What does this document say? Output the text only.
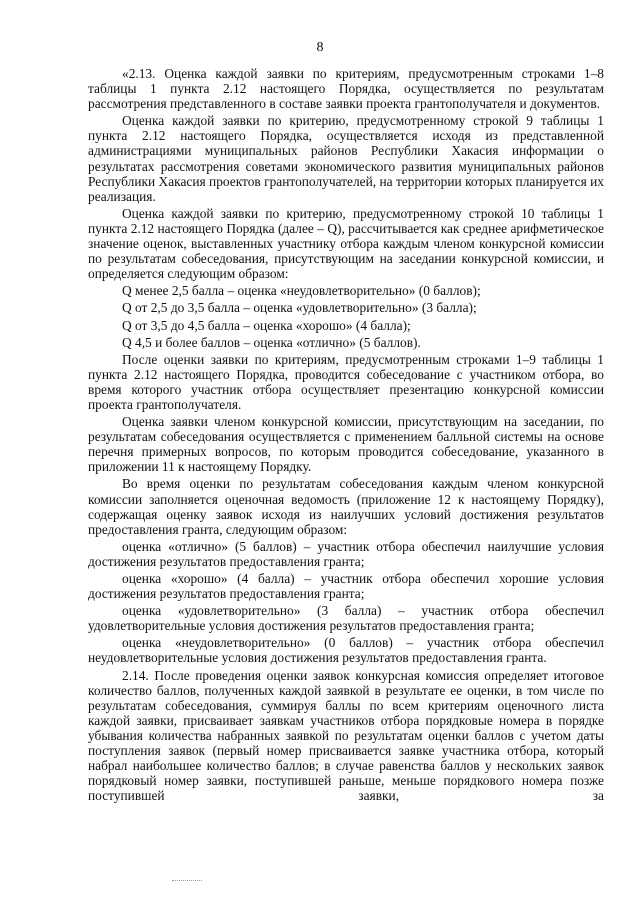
8

«2.13. Оценка каждой заявки по критериям, предусмотренным строками 1–8 таблицы 1 пункта 2.12 настоящего Порядка, осуществляется по результатам рассмотрения представленного в составе заявки проекта грантополучателя и документов.

Оценка каждой заявки по критерию, предусмотренному строкой 9 таблицы 1 пункта 2.12 настоящего Порядка, осуществляется исходя из представленной администрациями муниципальных районов Республики Хакасия информации о результатах рассмотрения советами экономического развития муниципальных районов Республики Хакасия проектов грантополучателей, на территории которых планируется их реализация.

Оценка каждой заявки по критерию, предусмотренному строкой 10 таблицы 1 пункта 2.12 настоящего Порядка (далее – Q), рассчитывается как среднее арифметическое значение оценок, выставленных участнику отбора каждым членом конкурсной комиссии по результатам собеседования, присутствующим на заседании конкурсной комиссии, и определяется следующим образом:

Q менее 2,5 балла – оценка «неудовлетворительно» (0 баллов);

Q от 2,5 до 3,5 балла – оценка «удовлетворительно» (3 балла);

Q от 3,5 до 4,5 балла – оценка «хорошо» (4 балла);

Q 4,5 и более баллов – оценка «отлично» (5 баллов).

После оценки заявки по критериям, предусмотренным строками 1–9 таблицы 1 пункта 2.12 настоящего Порядка, проводится собеседование с участником отбора, во время которого участник отбора осуществляет презентацию конкурсной комиссии проекта грантополучателя.

Оценка заявки членом конкурсной комиссии, присутствующим на заседании, по результатам собеседования осуществляется с применением балльной системы на основе перечня примерных вопросов, по которым проводится собеседование, указанного в приложении 11 к настоящему Порядку.

Во время оценки по результатам собеседования каждым членом конкурсной комиссии заполняется оценочная ведомость (приложение 12 к настоящему Порядку), содержащая оценку заявок исходя из наилучших условий достижения результатов предоставления гранта, следующим образом:

оценка «отлично» (5 баллов) – участник отбора обеспечил наилучшие условия достижения результатов предоставления гранта;

оценка «хорошо» (4 балла) – участник отбора обеспечил хорошие условия достижения результатов предоставления гранта;

оценка «удовлетворительно» (3 балла) – участник отбора обеспечил удовлетворительные условия достижения результатов предоставления гранта;

оценка «неудовлетворительно» (0 баллов) – участник отбора обеспечил неудовлетворительные условия достижения результатов предоставления гранта.

2.14. После проведения оценки заявок конкурсная комиссия определяет итоговое количество баллов, полученных каждой заявкой в результате ее оценки, в том числе по результатам собеседования, суммируя баллы по всем критериям оценочного листа каждой заявки, присваивает заявкам участников отбора порядковые номера в порядке убывания количества набранных заявкой по результатам оценки баллов с учетом даты поступления заявок (первый номер присваивается заявке участника отбора, который набрал наибольшее количество баллов; в случае равенства баллов у нескольких заявок порядковый номер заявки, поступившей раньше, меньше порядкового номера позже поступившей заявки, за
